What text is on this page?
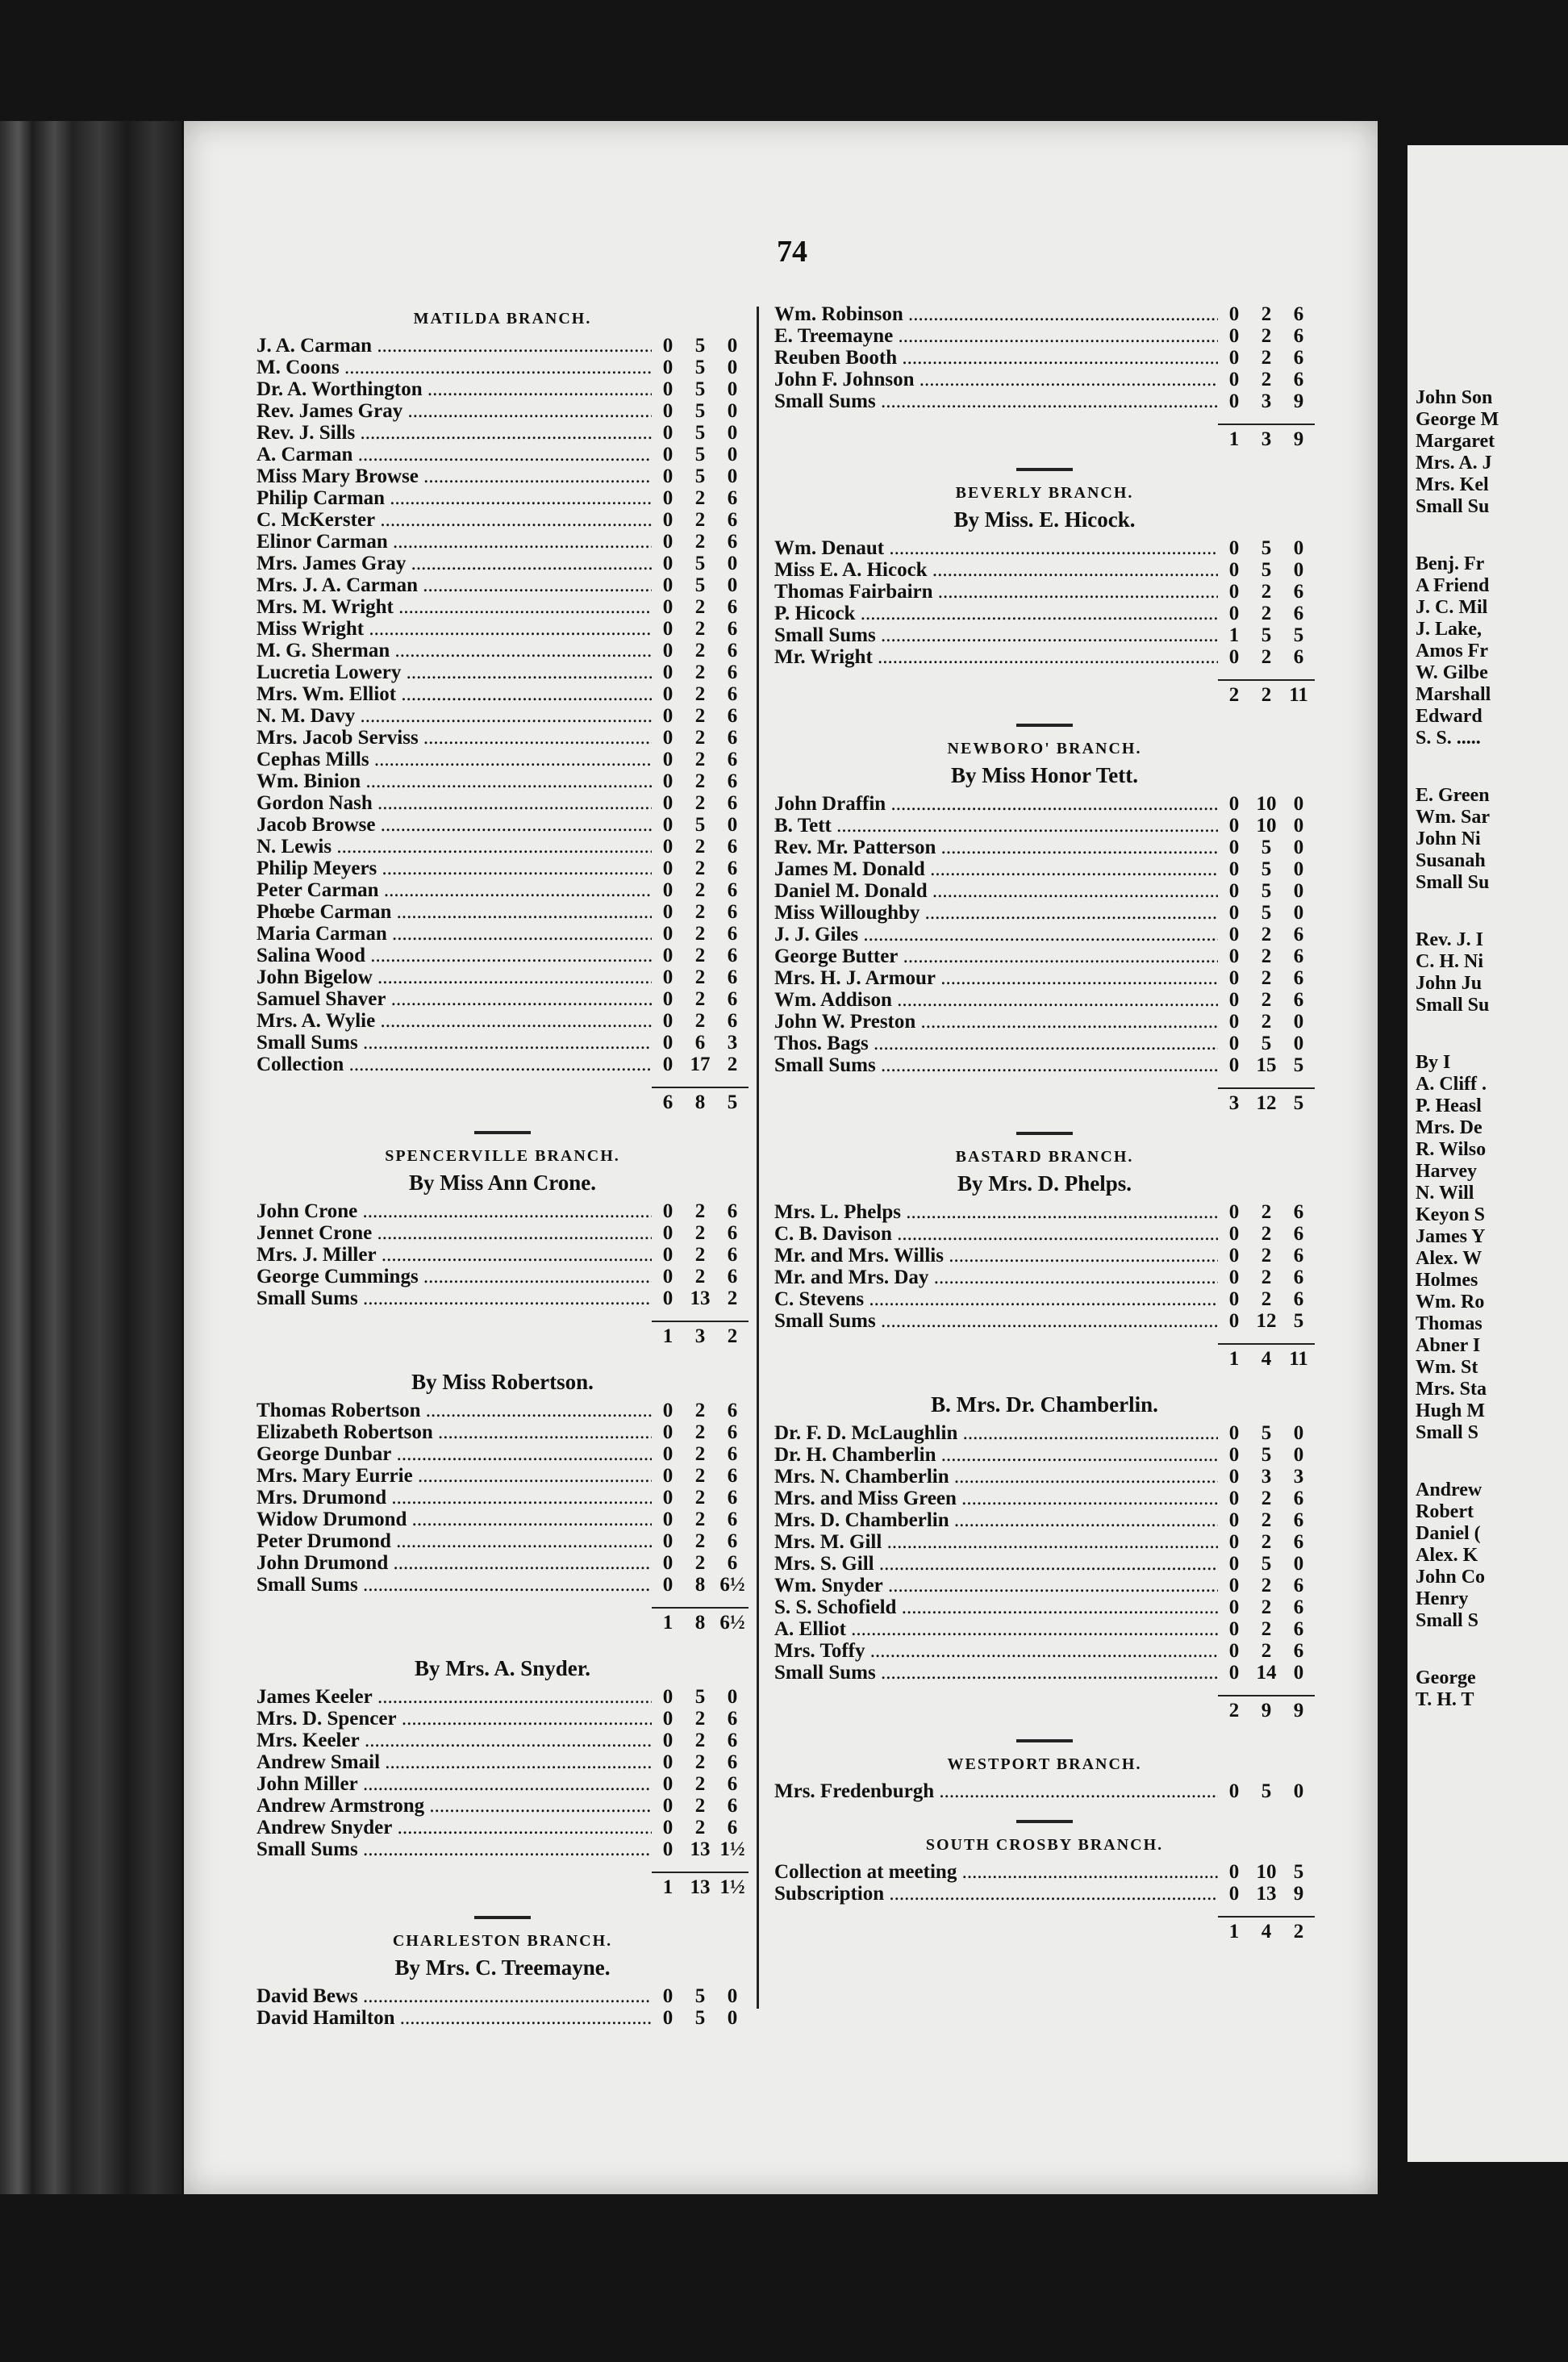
74
MATILDA BRANCH.
J. A. Carman .....	0	5	0
M. Coons .....	0	5	0
Dr. A. Worthington .....	0	5	0
Rev. James Gray .....	0	5	0
Rev. J. Sills .....	0	5	0
A. Carman .....	0	5	0
Miss Mary Browse .....	0	5	0
Philip Carman .....	0	2	6
C. McKerster .....	0	2	6
Elinor Carman .....	0	2	6
Mrs. James Gray .....	0	5	0
Mrs. J. A. Carman .....	0	5	0
Mrs. M. Wright .....	0	2	6
Miss Wright .....	0	2	6
M. G. Sherman .....	0	2	6
Lucretia Lowery .....	0	2	6
Mrs. Wm. Elliot .....	0	2	6
N. M. Davy .....	0	2	6
Mrs. Jacob Serviss .....	0	2	6
Cephas Mills .....	0	2	6
Wm. Binion .....	0	2	6
Gordon Nash .....	0	2	6
Jacob Browse .....	0	5	0
N. Lewis .....	0	2	6
Philip Meyers .....	0	2	6
Peter Carman .....	0	2	6
Phœbe Carman .....	0	2	6
Maria Carman .....	0	2	6
Salina Wood .....	0	2	6
John Bigelow .....	0	2	6
Samuel Shaver .....	0	2	6
Mrs. A. Wylie .....	0	2	6
Small Sums .....	0	6	3
Collection .....	0 17 2
6	8	5
SPENCERVILLE BRANCH.
By Miss Ann Crone.
John Crone .....	0	2	6
Jennet Crone .....	0	2	6
Mrs. J. Miller .....	0	2	6
George Cummings .....	0	2	6
Small Sums .....	0 13 2
1	3	2
By Miss Robertson.
Thomas Robertson .....	0	2	6
Elizabeth Robertson .....	0	2	6
George Dunbar .....	0	2	6
Mrs. Mary Eurrie .....	0	2	6
Mrs. Drumond .....	0	2	6
Widow Drumond .....	0	2	6
Peter Drumond .....	0	2	6
John Drumond .....	0	2	6
Small Sums .....	0	8 6½
1	8 6½
By Mrs. A. Snyder.
James Keeler .....	0	5	0
Mrs. D. Spencer .....	0	2	6
Mrs. Keeler .....	0	2	6
Andrew Smail .....	0	2	6
John Miller .....	0	2	6
Andrew Armstrong .....	0	2	6
Andrew Snyder .....	0	2	6
Small Sums .....	0 13 1½
1 13 1½
CHARLESTON BRANCH.
By Mrs. C. Treemayne.
David Bews .....	0	5	0
David Hamilton .....	0	5	0
Wm. Robinson .....	0	2	6
E. Treemayne .....	0	2	6
Reuben Booth .....	0	2	6
John F. Johnson .....	0	2	6
Small Sums .....	0	3	9
1	3	9
BEVERLY BRANCH.
By Miss. E. Hicock.
Wm. Denaut .....	0	5	0
Miss E. A. Hicock .....	0	5	0
Thomas Fairbairn .....	0	2	6
P. Hicock .....	0	2	6
Small Sums .....	1	5	5
Mr. Wright .....	0	2	6
2	2 11
NEWBORO' BRANCH.
By Miss Honor Tett.
John Draffin .....	0 10 0
B. Tett .....	0 10 0
Rev. Mr. Patterson .....	0	5	0
James M. Donald .....	0	5	0
Daniel M. Donald .....	0	5	0
Miss Willoughby .....	0	5	0
J. J. Giles .....	0	2	6
George Butter .....	0	2	6
Mrs. H. J. Armour .....	0	2	6
Wm. Addison .....	0	2	6
John W. Preston .....	0	2	0
Thos. Bags .....	0	5	0
Small Sums .....	0 15 5
3 12 5
BASTARD BRANCH.
By Mrs. D. Phelps.
Mrs. L. Phelps .....	0	2	6
C. B. Davison .....	0	2	6
Mr. and Mrs. Willis .....	0	2	6
Mr. and Mrs. Day .....	0	2	6
C. Stevens .....	0	2	6
Small Sums .....	0 12 5
1	4 11
B. Mrs. Dr. Chamberlin.
Dr. F. D. McLaughlin .....	0	5	0
Dr. H. Chamberlin .....	0	5	0
Mrs. N. Chamberlin .....	0	3	3
Mrs. and Miss Green .....	0	2	6
Mrs. D. Chamberlin .....	0	2	6
Mrs. M. Gill .....	0	2	6
Mrs. S. Gill .....	0	5	0
Wm. Snyder .....	0	2	6
S. S. Schofield .....	0	2	6
A. Elliot .....	0	2	6
Mrs. Toffy .....	0	2	6
Small Sums .....	0 14 0
2	9	9
WESTPORT BRANCH.
Mrs. Fredenburgh .....	0	5	0
SOUTH CROSBY BRANCH.
Collection at meeting .....	0 10 5
Subscription .....	0 13 9
1	4	2
John Son
George M
Margaret
Mrs. A. J
Mrs. Kel
Small Su
Benj. Fr
A Friend
J. C. Mil
J. Lake,
Amos Fr
W. Gilbe
Marshall
Edward
S. S. .....
E. Green
Wm. Sar
John Ni
Susanah
Small Su
Rev. J. I
C. H. Ni
John Ju
Small Su
By I
A. Cliff .
P. Heasl
Mrs. De
R. Wilso
Harvey
N. Will
Keyon S
James Y
Alex. W
Holmes
Wm. Ro
Thomas
Abner I
Wm. St
Mrs. Sta
Hugh M
Small S
Andrew
Robert
Daniel (
Alex. K
John Co
Henry
Small S
George
T. H. T
